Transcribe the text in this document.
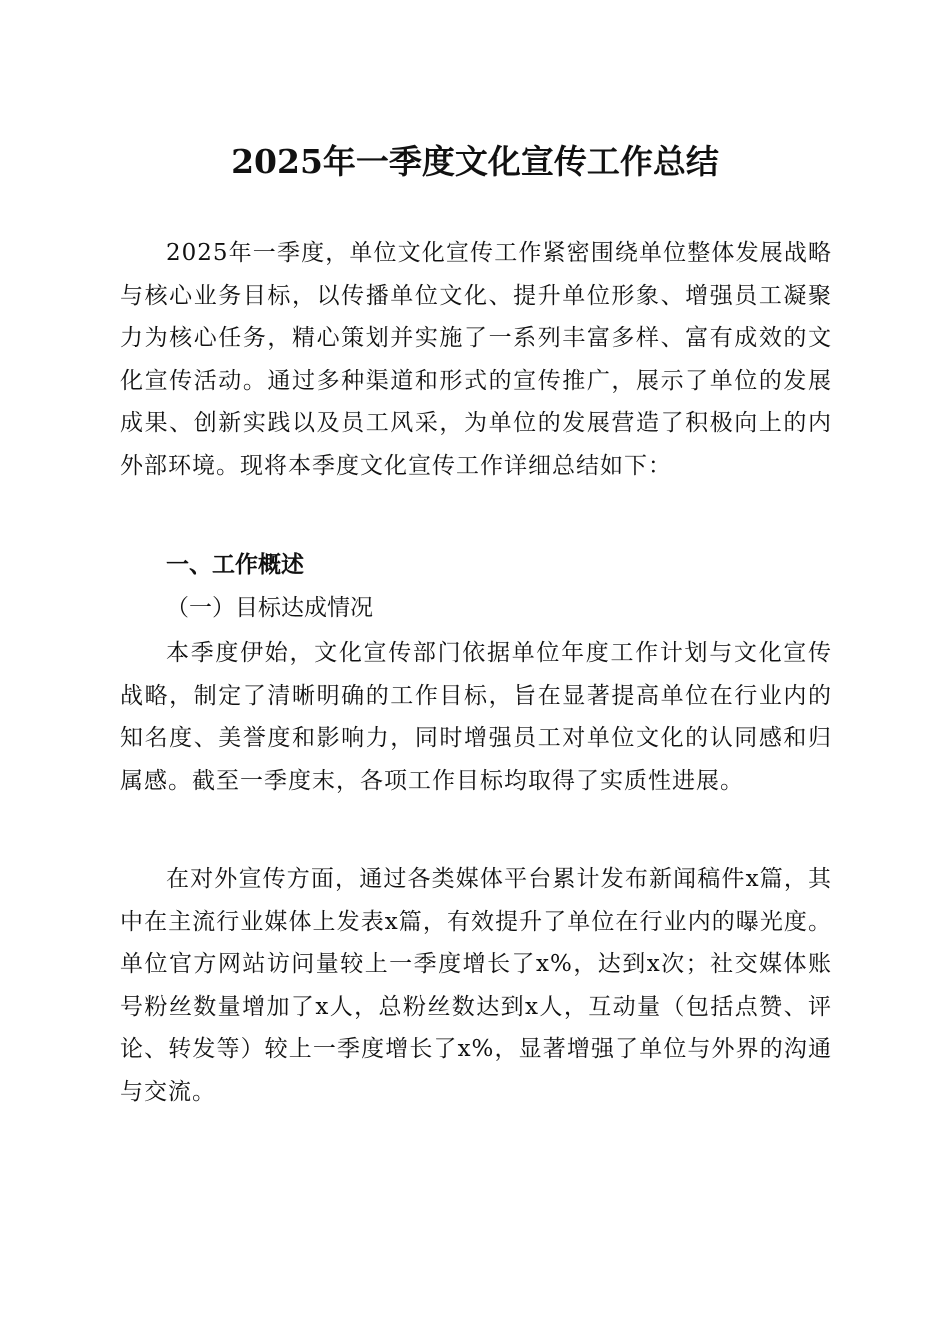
2025年一季度文化宣传工作总结

2025年一季度，单位文化宣传工作紧密围绕单位整体发展战略与核心业务目标，以传播单位文化、提升单位形象、增强员工凝聚力为核心任务，精心策划并实施了一系列丰富多样、富有成效的文化宣传活动。通过多种渠道和形式的宣传推广，展示了单位的发展成果、创新实践以及员工风采，为单位的发展营造了积极向上的内外部环境。现将本季度文化宣传工作详细总结如下：

一、工作概述

（一）目标达成情况

本季度伊始，文化宣传部门依据单位年度工作计划与文化宣传战略，制定了清晰明确的工作目标，旨在显著提高单位在行业内的知名度、美誉度和影响力，同时增强员工对单位文化的认同感和归属感。截至一季度末，各项工作目标均取得了实质性进展。

在对外宣传方面，通过各类媒体平台累计发布新闻稿件x篇，其中在主流行业媒体上发表x篇，有效提升了单位在行业内的曝光度。单位官方网站访问量较上一季度增长了x%，达到x次；社交媒体账号粉丝数量增加了x人，总粉丝数达到x人，互动量（包括点赞、评论、转发等）较上一季度增长了x%，显著增强了单位与外界的沟通与交流。
